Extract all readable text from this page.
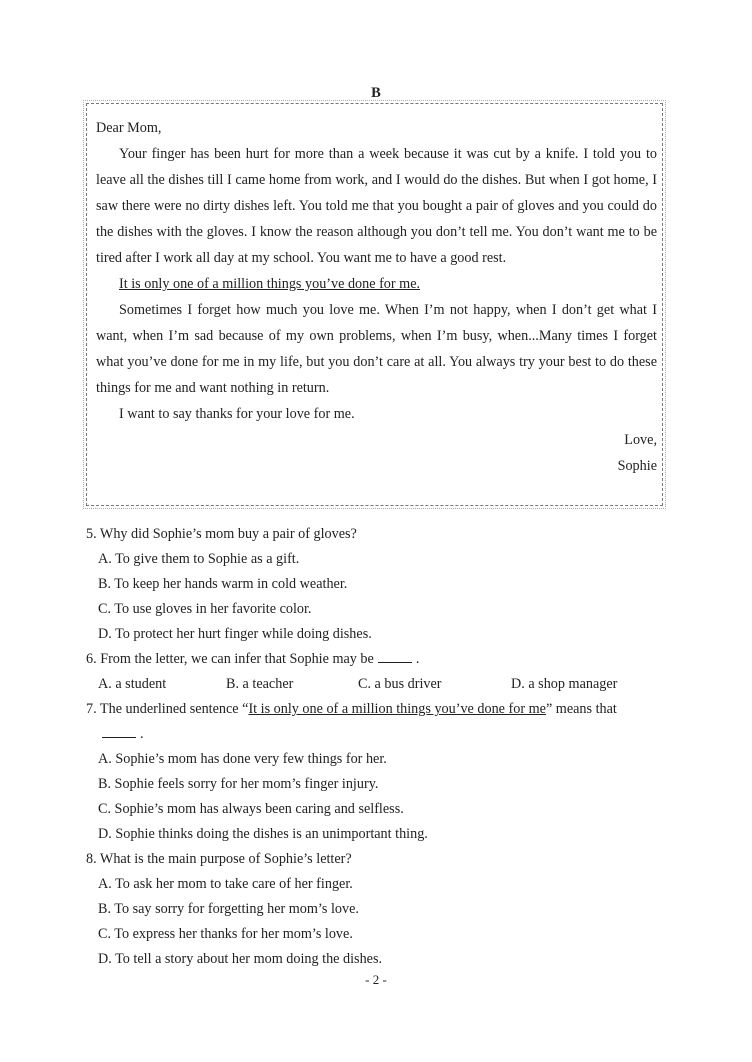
B

Dear Mom,

Your finger has been hurt for more than a week because it was cut by a knife. I told you to leave all the dishes till I came home from work, and I would do the dishes. But when I got home, I saw there were no dirty dishes left. You told me that you bought a pair of gloves and you could do the dishes with the gloves. I know the reason although you don’t tell me. You don’t want me to be tired after I work all day at my school. You want me to have a good rest.

It is only one of a million things you’ve done for me.

Sometimes I forget how much you love me. When I’m not happy, when I don’t get what I want, when I’m sad because of my own problems, when I’m busy, when...Many times I forget what you’ve done for me in my life, but you don’t care at all. You always try your best to do these things for me and want nothing in return.

I want to say thanks for your love for me.

Love,

Sophie

5. Why did Sophie’s mom buy a pair of gloves?

A. To give them to Sophie as a gift.

B. To keep her hands warm in cold weather.

C. To use gloves in her favorite color.

D. To protect her hurt finger while doing dishes.

6. From the letter, we can infer that Sophie may be	.

A. a student	B. a teacher	C. a bus driver	D. a shop manager

7. The underlined sentence “It is only one of a million things you’ve done for me” means that

.

A. Sophie’s mom has done very few things for her.

B. Sophie feels sorry for her mom’s finger injury.

C. Sophie’s mom has always been caring and selfless.

D. Sophie thinks doing the dishes is an unimportant thing.

8. What is the main purpose of Sophie’s letter?

A. To ask her mom to take care of her finger.

B. To say sorry for forgetting her mom’s love.

C. To express her thanks for her mom’s love.

D. To tell a story about her mom doing the dishes.

- 2 -
